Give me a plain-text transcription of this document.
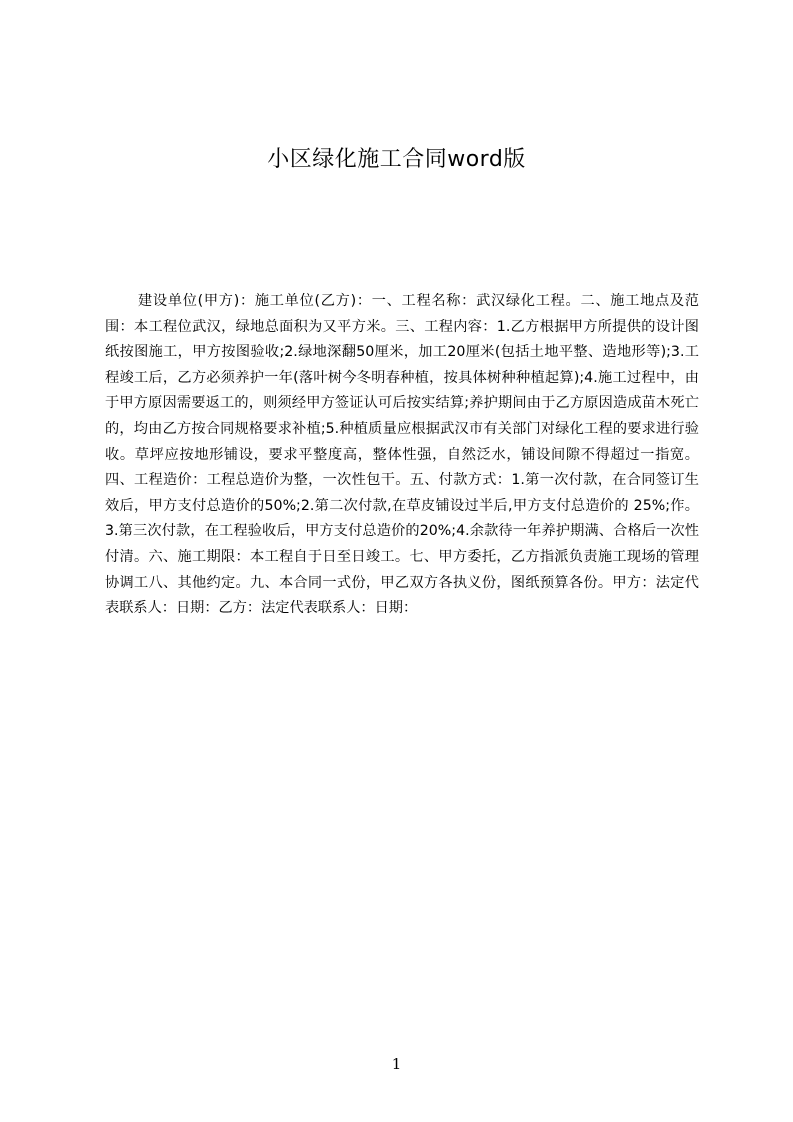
小区绿化施工合同word版

建设单位(甲方)：施工单位(乙方)：一、工程名称：武汉绿化工程。二、施工地点及范围：本工程位武汉，绿地总面积为又平方米。三、工程内容：1.乙方根据甲方所提供的设计图纸按图施工，甲方按图验收;2.绿地深翻50厘米，加工20厘米(包括土地平整、造地形等);3.工程竣工后，乙方必须养护一年(落叶树今冬明春种植，按具体树种种植起算);4.施工过程中，由于甲方原因需要返工的，则须经甲方签证认可后按实结算;养护期间由于乙方原因造成苗木死亡的，均由乙方按合同规格要求补植;5.种植质量应根据武汉市有关部门对绿化工程的要求进行验收。草坪应按地形铺设，要求平整度高，整体性强，自然泛水，铺设间隙不得超过一指宽。四、工程造价：工程总造价为整，一次性包干。五、付款方式：1.第一次付款，在合同签订生效后，甲方支付总造价的50%;2.第二次付款,在草皮铺设过半后,甲方支付总造价的 25%;作。3.第三次付款，在工程验收后，甲方支付总造价的20%;4.余款待一年养护期满、合格后一次性付清。六、施工期限：本工程自于日至日竣工。七、甲方委托，乙方指派负责施工现场的管理协调工八、其他约定。九、本合同一式份，甲乙双方各执义份，图纸预算各份。甲方：法定代表联系人：日期：乙方：法定代表联系人：日期：

1
